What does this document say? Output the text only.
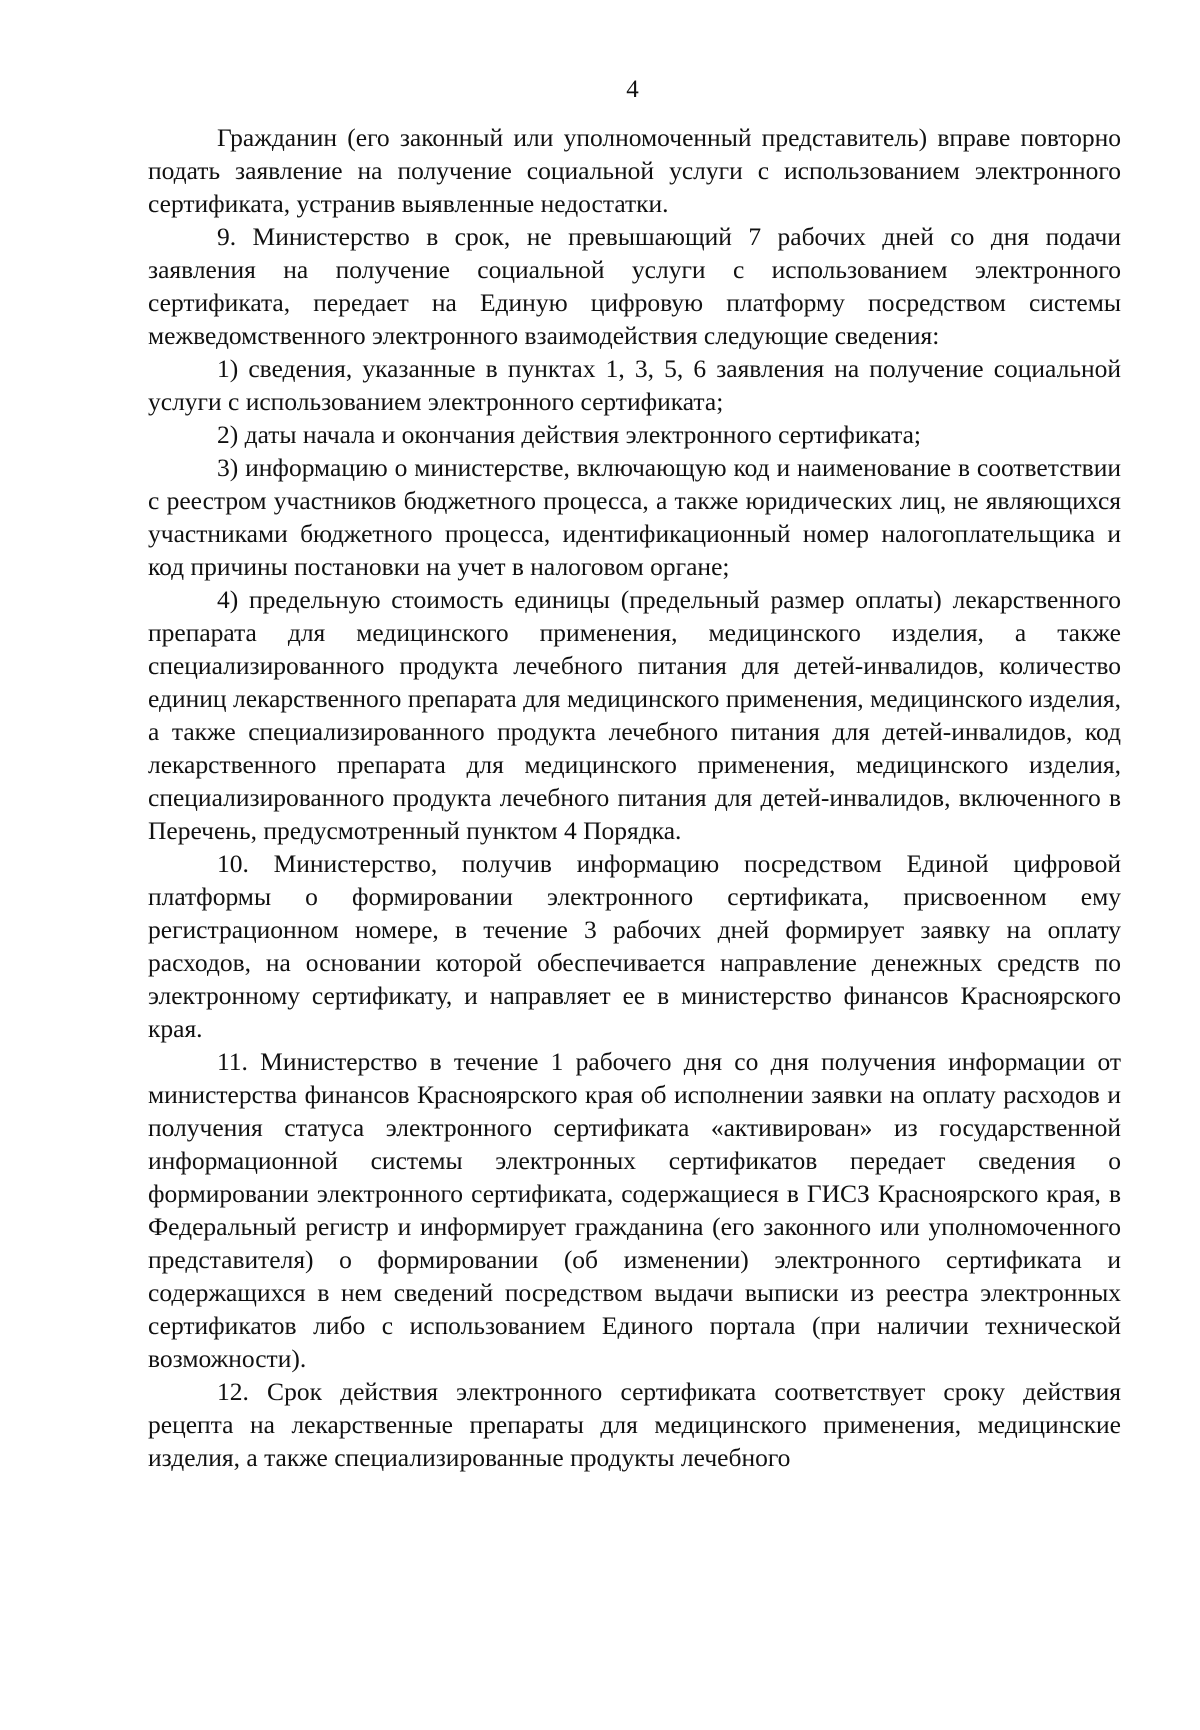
4

Гражданин (его законный или уполномоченный представитель) вправе повторно подать заявление на получение социальной услуги с использованием электронного сертификата, устранив выявленные недостатки.

9. Министерство в срок, не превышающий 7 рабочих дней со дня подачи заявления на получение социальной услуги с использованием электронного сертификата, передает на Единую цифровую платформу посредством системы межведомственного электронного взаимодействия следующие сведения:

1) сведения, указанные в пунктах 1, 3, 5, 6 заявления на получение социальной услуги с использованием электронного сертификата;

2) даты начала и окончания действия электронного сертификата;

3) информацию о министерстве, включающую код и наименование в соответствии с реестром участников бюджетного процесса, а также юридических лиц, не являющихся участниками бюджетного процесса, идентификационный номер налогоплательщика и код причины постановки на учет в налоговом органе;

4) предельную стоимость единицы (предельный размер оплаты) лекарственного препарата для медицинского применения, медицинского изделия, а также специализированного продукта лечебного питания для детей-инвалидов, количество единиц лекарственного препарата для медицинского применения, медицинского изделия, а также специализированного продукта лечебного питания для детей-инвалидов, код лекарственного препарата для медицинского применения, медицинского изделия, специализированного продукта лечебного питания для детей-инвалидов, включенного в Перечень, предусмотренный пунктом 4 Порядка.

10. Министерство, получив информацию посредством Единой цифровой платформы о формировании электронного сертификата, присвоенном ему регистрационном номере, в течение 3 рабочих дней формирует заявку на оплату расходов, на основании которой обеспечивается направление денежных средств по электронному сертификату, и направляет ее в министерство финансов Красноярского края.

11. Министерство в течение 1 рабочего дня со дня получения информации от министерства финансов Красноярского края об исполнении заявки на оплату расходов и получения статуса электронного сертификата «активирован» из государственной информационной системы электронных сертификатов передает сведения о формировании электронного сертификата, содержащиеся в ГИСЗ Красноярского края, в Федеральный регистр и информирует гражданина (его законного или уполномоченного представителя) о формировании (об изменении) электронного сертификата и содержащихся в нем сведений посредством выдачи выписки из реестра электронных сертификатов либо с использованием Единого портала (при наличии технической возможности).

12. Срок действия электронного сертификата соответствует сроку действия рецепта на лекарственные препараты для медицинского применения, медицинские изделия, а также специализированные продукты лечебного
